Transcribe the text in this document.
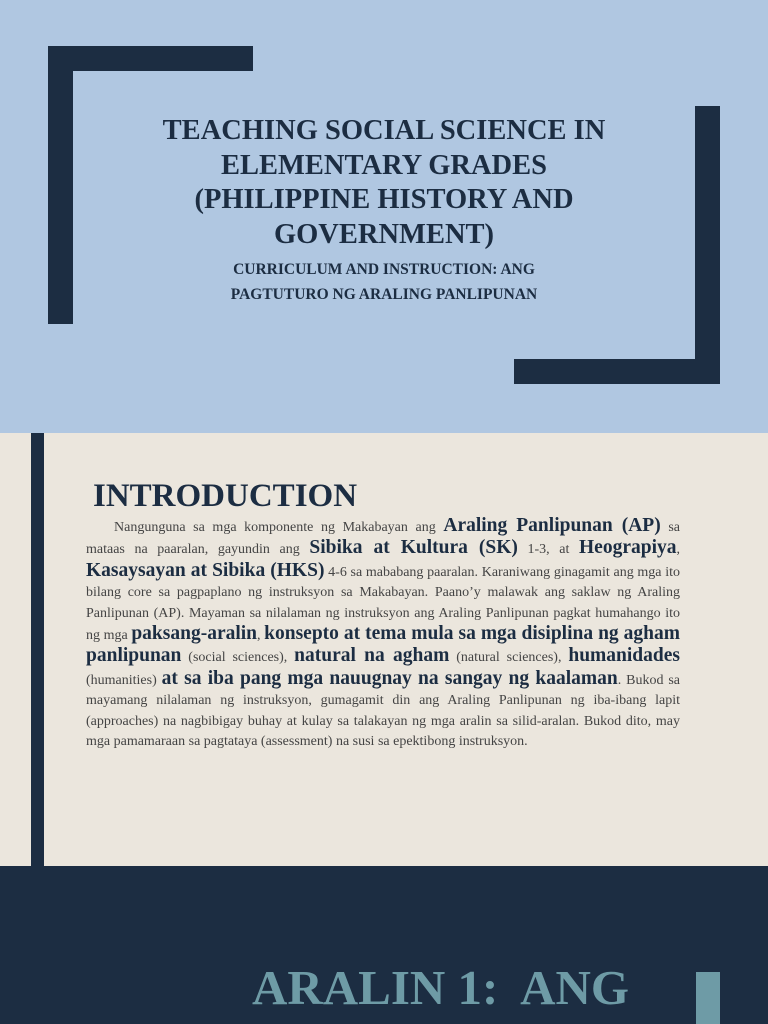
TEACHING SOCIAL SCIENCE IN
ELEMENTARY GRADES
(PHILIPPINE HISTORY AND
GOVERNMENT)
CURRICULUM AND INSTRUCTION: ANG
PAGTUTURO NG ARALING PANLIPUNAN
INTRODUCTION

Nangunguna sa mga komponente ng Makabayan ang Araling Panlipunan (AP) sa mataas na paaralan, gayundin ang Sibika at Kultura (SK) 1-3, at Heograpiya, Kasaysayan at Sibika (HKS) 4-6 sa mababang paaralan. Karaniwang ginagamit ang mga ito bilang core sa pagpaplano ng instruksyon sa Makabayan. Paano’y malawak ang saklaw ng Araling Panlipunan (AP). Mayaman sa nilalaman ng instruksyon ang Araling Panlipunan pagkat humahango ito ng mga paksang-aralin, konsepto at tema mula sa mga disiplina ng agham panlipunan (social sciences), natural na agham (natural sciences), humanidades (humanities) at sa iba pang mga nauugnay na sangay ng kaalaman. Bukod sa mayamang nilalaman ng instruksyon, gumagamit din ang Araling Panlipunan ng iba-ibang lapit (approaches) na nagbibigay buhay at kulay sa talakayan ng mga aralin sa silid-aralan. Bukod dito, may mga pamamaraan sa pagtataya (assessment) na susi sa epektibong instruksyon.

ARALIN 1:  ANG
